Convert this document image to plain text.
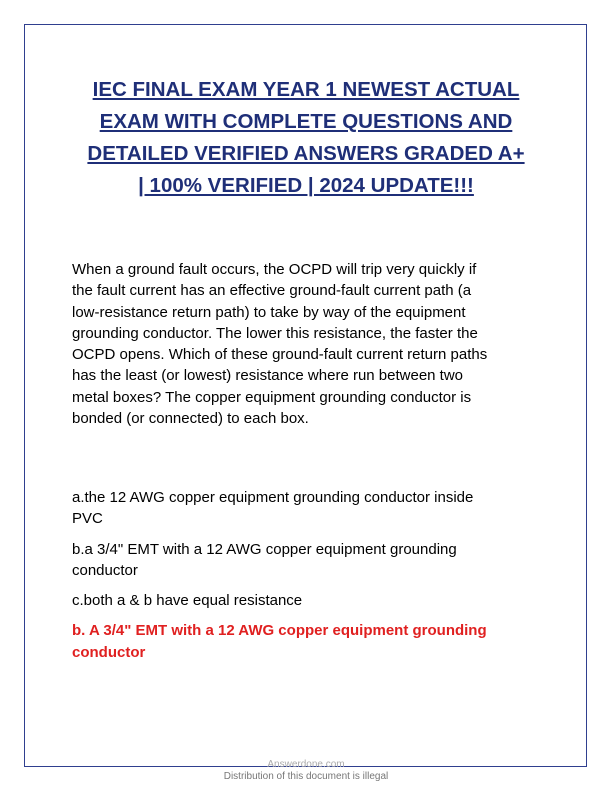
IEC FINAL EXAM YEAR 1 NEWEST ACTUAL
EXAM WITH COMPLETE QUESTIONS AND
DETAILED VERIFIED ANSWERS GRADED A+
| 100% VERIFIED | 2024 UPDATE!!!

When a ground fault occurs, the OCPD will trip very quickly if
the fault current has an effective ground-fault current path (a
low-resistance return path) to take by way of the equipment
grounding conductor. The lower this resistance, the faster the
OCPD opens. Which of these ground-fault current return paths
has the least (or lowest) resistance where run between two
metal boxes? The copper equipment grounding conductor is
bonded (or connected) to each box.

a.the 12 AWG copper equipment grounding conductor inside
PVC

b.a 3/4" EMT with a 12 AWG copper equipment grounding
conductor

c.both a & b have equal resistance

b. A 3/4" EMT with a 12 AWG copper equipment grounding
conductor

Answerdone.com
Distribution of this document is illegal
